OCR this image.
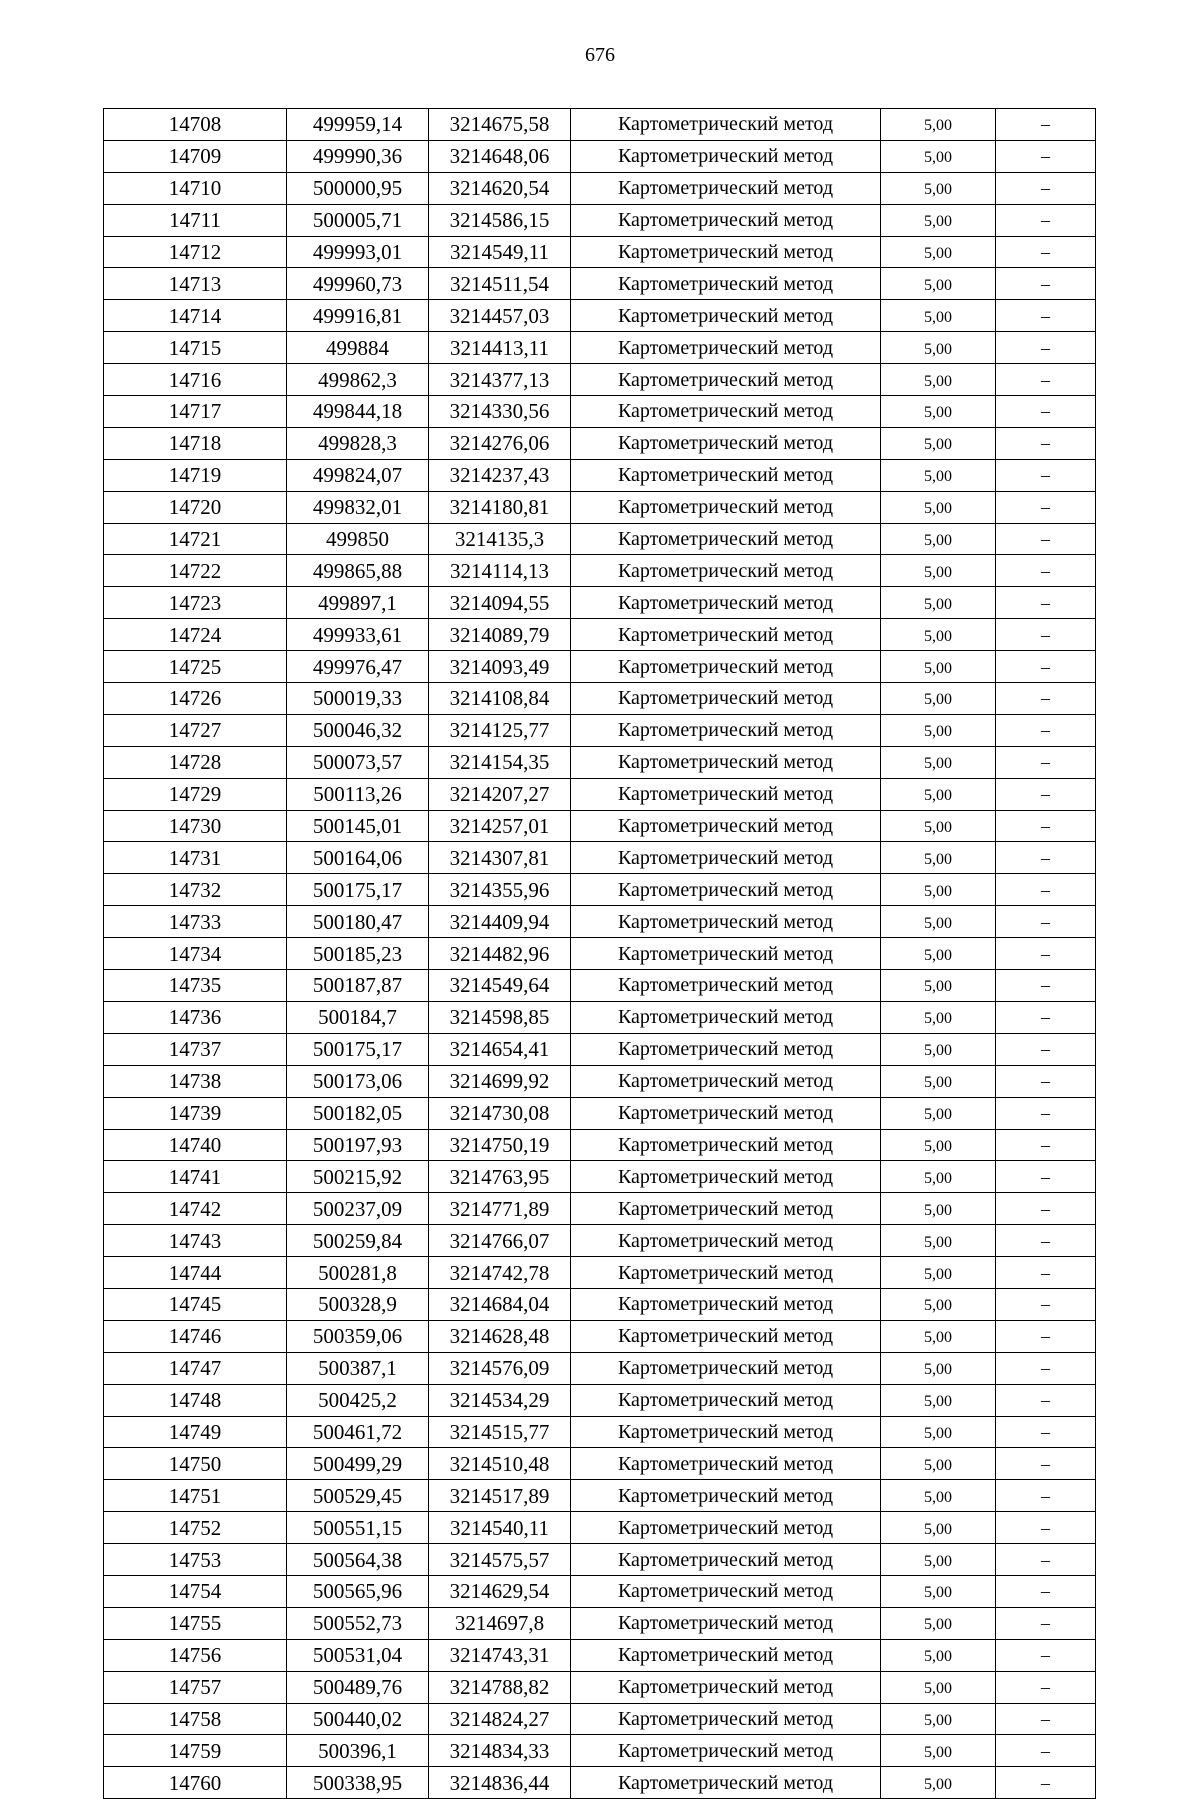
676
14708	499959,14	3214675,58	Картометрический метод	5,00	–
14709	499990,36	3214648,06	Картометрический метод	5,00	–
14710	500000,95	3214620,54	Картометрический метод	5,00	–
14711	500005,71	3214586,15	Картометрический метод	5,00	–
14712	499993,01	3214549,11	Картометрический метод	5,00	–
14713	499960,73	3214511,54	Картометрический метод	5,00	–
14714	499916,81	3214457,03	Картометрический метод	5,00	–
14715	499884	3214413,11	Картометрический метод	5,00	–
14716	499862,3	3214377,13	Картометрический метод	5,00	–
14717	499844,18	3214330,56	Картометрический метод	5,00	–
14718	499828,3	3214276,06	Картометрический метод	5,00	–
14719	499824,07	3214237,43	Картометрический метод	5,00	–
14720	499832,01	3214180,81	Картометрический метод	5,00	–
14721	499850	3214135,3	Картометрический метод	5,00	–
14722	499865,88	3214114,13	Картометрический метод	5,00	–
14723	499897,1	3214094,55	Картометрический метод	5,00	–
14724	499933,61	3214089,79	Картометрический метод	5,00	–
14725	499976,47	3214093,49	Картометрический метод	5,00	–
14726	500019,33	3214108,84	Картометрический метод	5,00	–
14727	500046,32	3214125,77	Картометрический метод	5,00	–
14728	500073,57	3214154,35	Картометрический метод	5,00	–
14729	500113,26	3214207,27	Картометрический метод	5,00	–
14730	500145,01	3214257,01	Картометрический метод	5,00	–
14731	500164,06	3214307,81	Картометрический метод	5,00	–
14732	500175,17	3214355,96	Картометрический метод	5,00	–
14733	500180,47	3214409,94	Картометрический метод	5,00	–
14734	500185,23	3214482,96	Картометрический метод	5,00	–
14735	500187,87	3214549,64	Картометрический метод	5,00	–
14736	500184,7	3214598,85	Картометрический метод	5,00	–
14737	500175,17	3214654,41	Картометрический метод	5,00	–
14738	500173,06	3214699,92	Картометрический метод	5,00	–
14739	500182,05	3214730,08	Картометрический метод	5,00	–
14740	500197,93	3214750,19	Картометрический метод	5,00	–
14741	500215,92	3214763,95	Картометрический метод	5,00	–
14742	500237,09	3214771,89	Картометрический метод	5,00	–
14743	500259,84	3214766,07	Картометрический метод	5,00	–
14744	500281,8	3214742,78	Картометрический метод	5,00	–
14745	500328,9	3214684,04	Картометрический метод	5,00	–
14746	500359,06	3214628,48	Картометрический метод	5,00	–
14747	500387,1	3214576,09	Картометрический метод	5,00	–
14748	500425,2	3214534,29	Картометрический метод	5,00	–
14749	500461,72	3214515,77	Картометрический метод	5,00	–
14750	500499,29	3214510,48	Картометрический метод	5,00	–
14751	500529,45	3214517,89	Картометрический метод	5,00	–
14752	500551,15	3214540,11	Картометрический метод	5,00	–
14753	500564,38	3214575,57	Картометрический метод	5,00	–
14754	500565,96	3214629,54	Картометрический метод	5,00	–
14755	500552,73	3214697,8	Картометрический метод	5,00	–
14756	500531,04	3214743,31	Картометрический метод	5,00	–
14757	500489,76	3214788,82	Картометрический метод	5,00	–
14758	500440,02	3214824,27	Картометрический метод	5,00	–
14759	500396,1	3214834,33	Картометрический метод	5,00	–
14760	500338,95	3214836,44	Картометрический метод	5,00	–
